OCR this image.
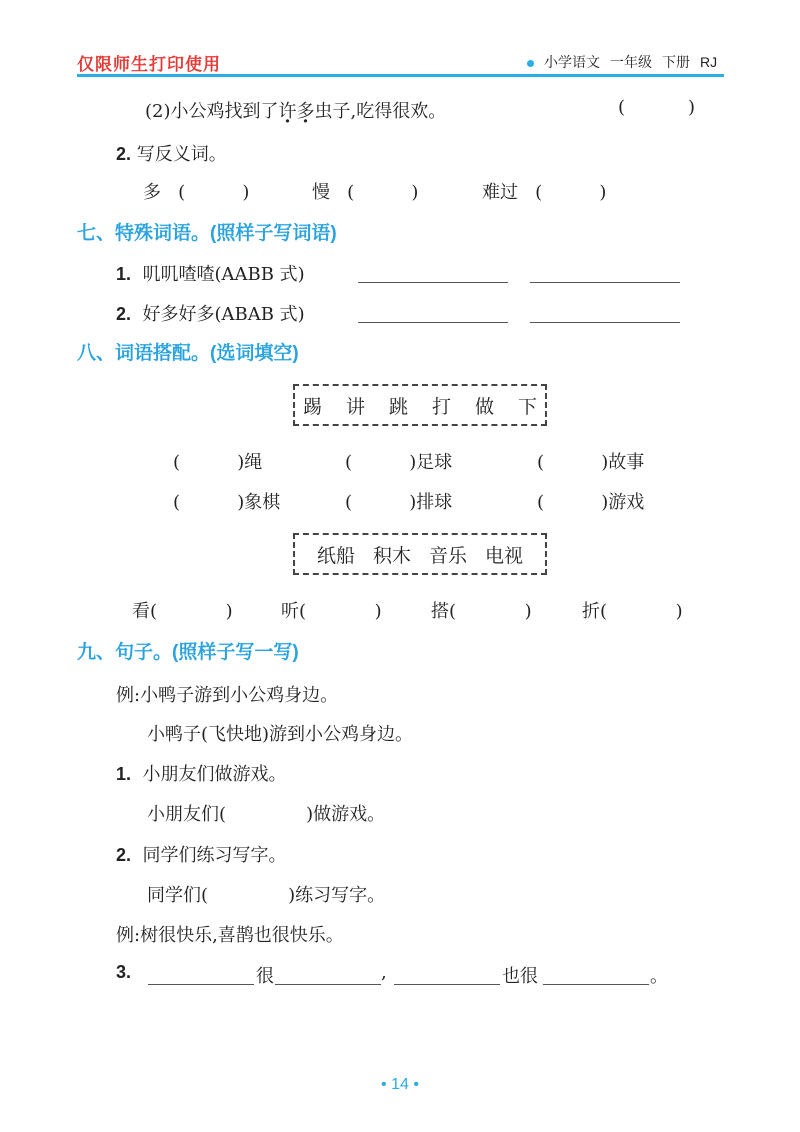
仅限师生打印使用	小学语文 一年级 下册 RJ
(2)小公鸡找到了许多虫子,吃得很欢。	(           )
2. 写反义词。
多 (          )	慢 (          )	难过 (          )
七、特殊词语。(照样子写词语)
1. 叽叽喳喳(AABB 式)
2. 好多好多(ABAB 式)
八、词语搭配。(选词填空)
踢 讲 跳 打 做 下
(          )绳	(          )足球	(          )故事
(          )象棋	(          )排球	(          )游戏
纸船 积木 音乐 电视
看(            )	听(            )	搭(            )	折(            )
九、句子。(照样子写一写)
例:小鸭子游到小公鸡身边。
小鸭子(飞快地)游到小公鸡身边。
1. 小朋友们做游戏。
小朋友们(              )做游戏。
2. 同学们练习写字。
同学们(              )练习写字。
例:树很快乐,喜鹊也很快乐。
3.	很	,	也很	。
• 14 •
